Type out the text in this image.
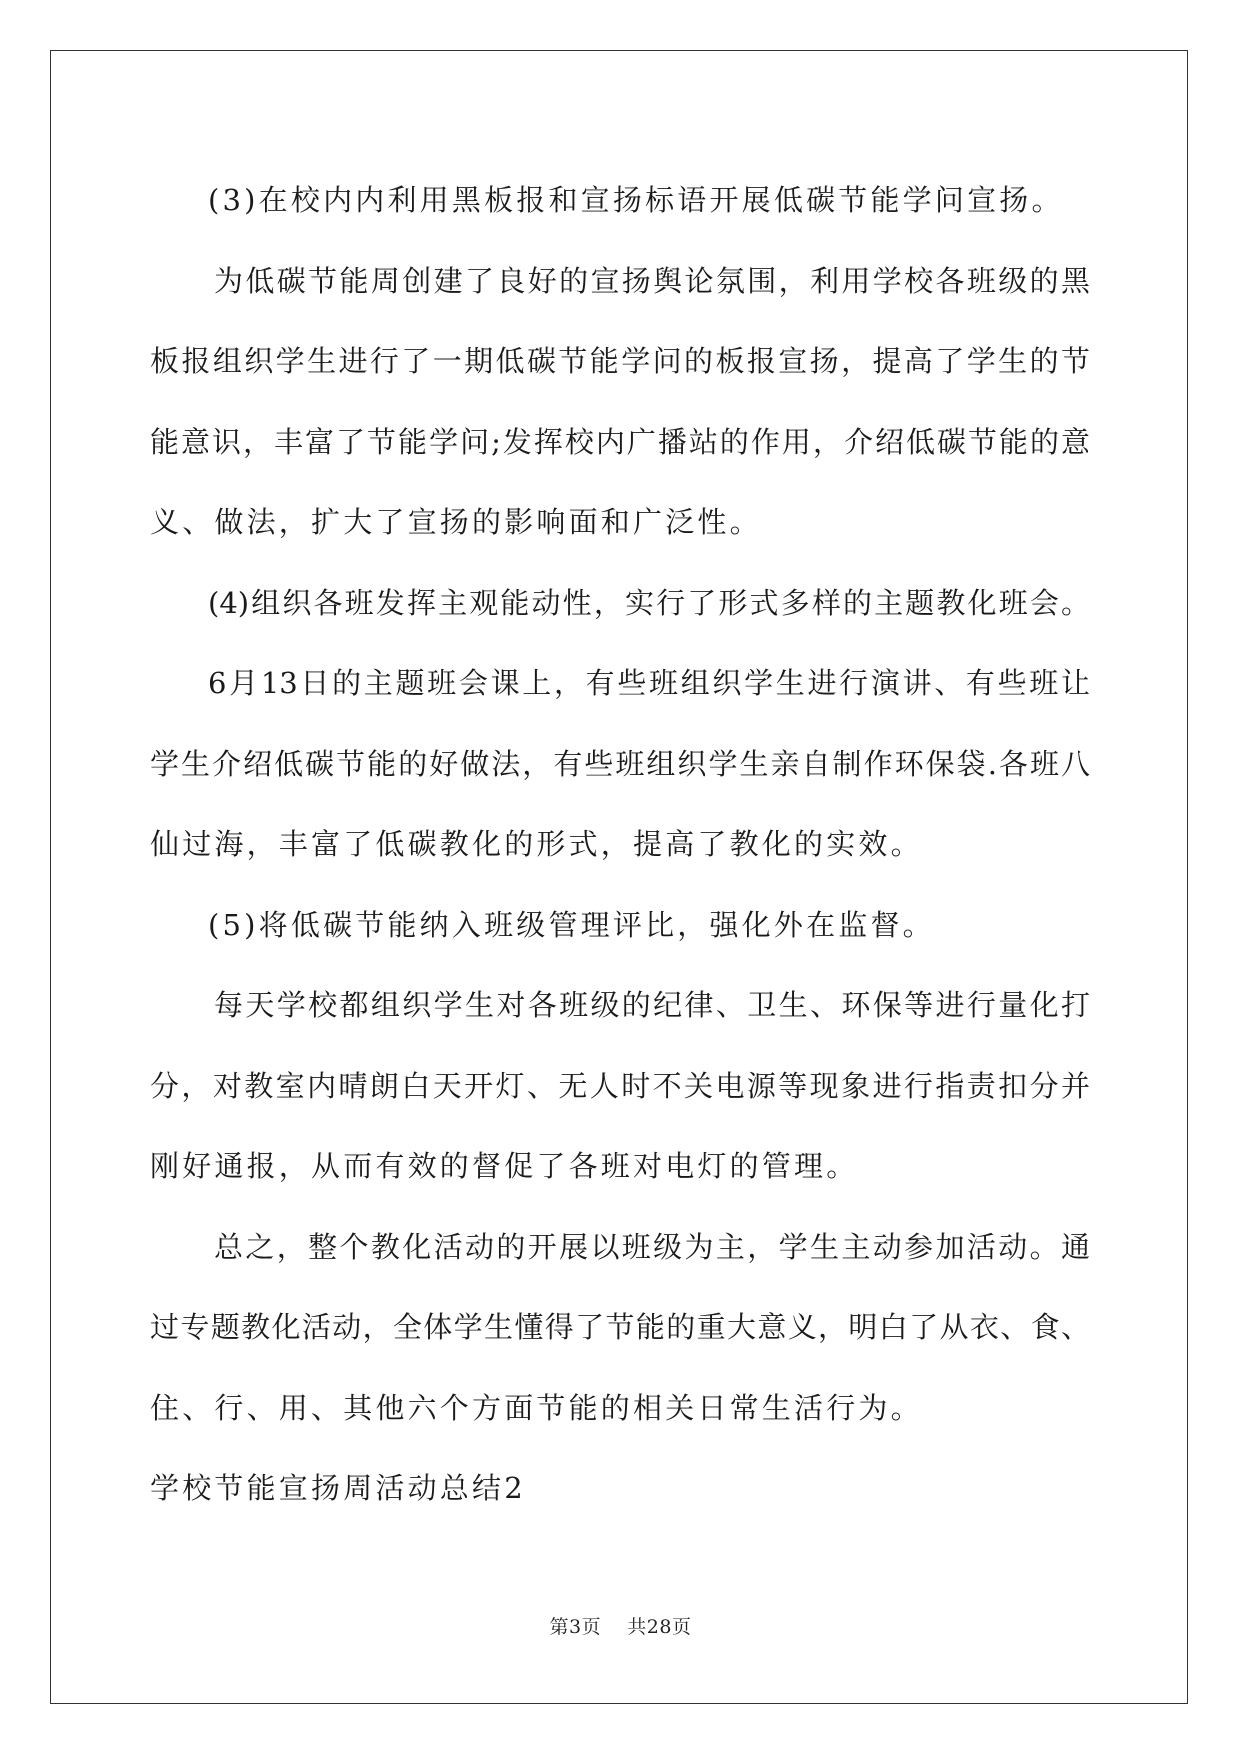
(3)在校内内利用黑板报和宣扬标语开展低碳节能学问宣扬。
为低碳节能周创建了良好的宣扬舆论氛围，利用学校各班级的黑
板报组织学生进行了一期低碳节能学问的板报宣扬，提高了学生的节
能意识，丰富了节能学问;发挥校内广播站的作用，介绍低碳节能的意
义、做法，扩大了宣扬的影响面和广泛性。
(4)组织各班发挥主观能动性，实行了形式多样的主题教化班会。
6月13日的主题班会课上，有些班组织学生进行演讲、有些班让
学生介绍低碳节能的好做法，有些班组织学生亲自制作环保袋.各班八
仙过海，丰富了低碳教化的形式，提高了教化的实效。
(5)将低碳节能纳入班级管理评比，强化外在监督。
每天学校都组织学生对各班级的纪律、卫生、环保等进行量化打
分，对教室内晴朗白天开灯、无人时不关电源等现象进行指责扣分并
刚好通报，从而有效的督促了各班对电灯的管理。
总之，整个教化活动的开展以班级为主，学生主动参加活动。通
过专题教化活动，全体学生懂得了节能的重大意义，明白了从衣、食、
住、行、用、其他六个方面节能的相关日常生活行为。
学校节能宣扬周活动总结2
第3页 共28页
